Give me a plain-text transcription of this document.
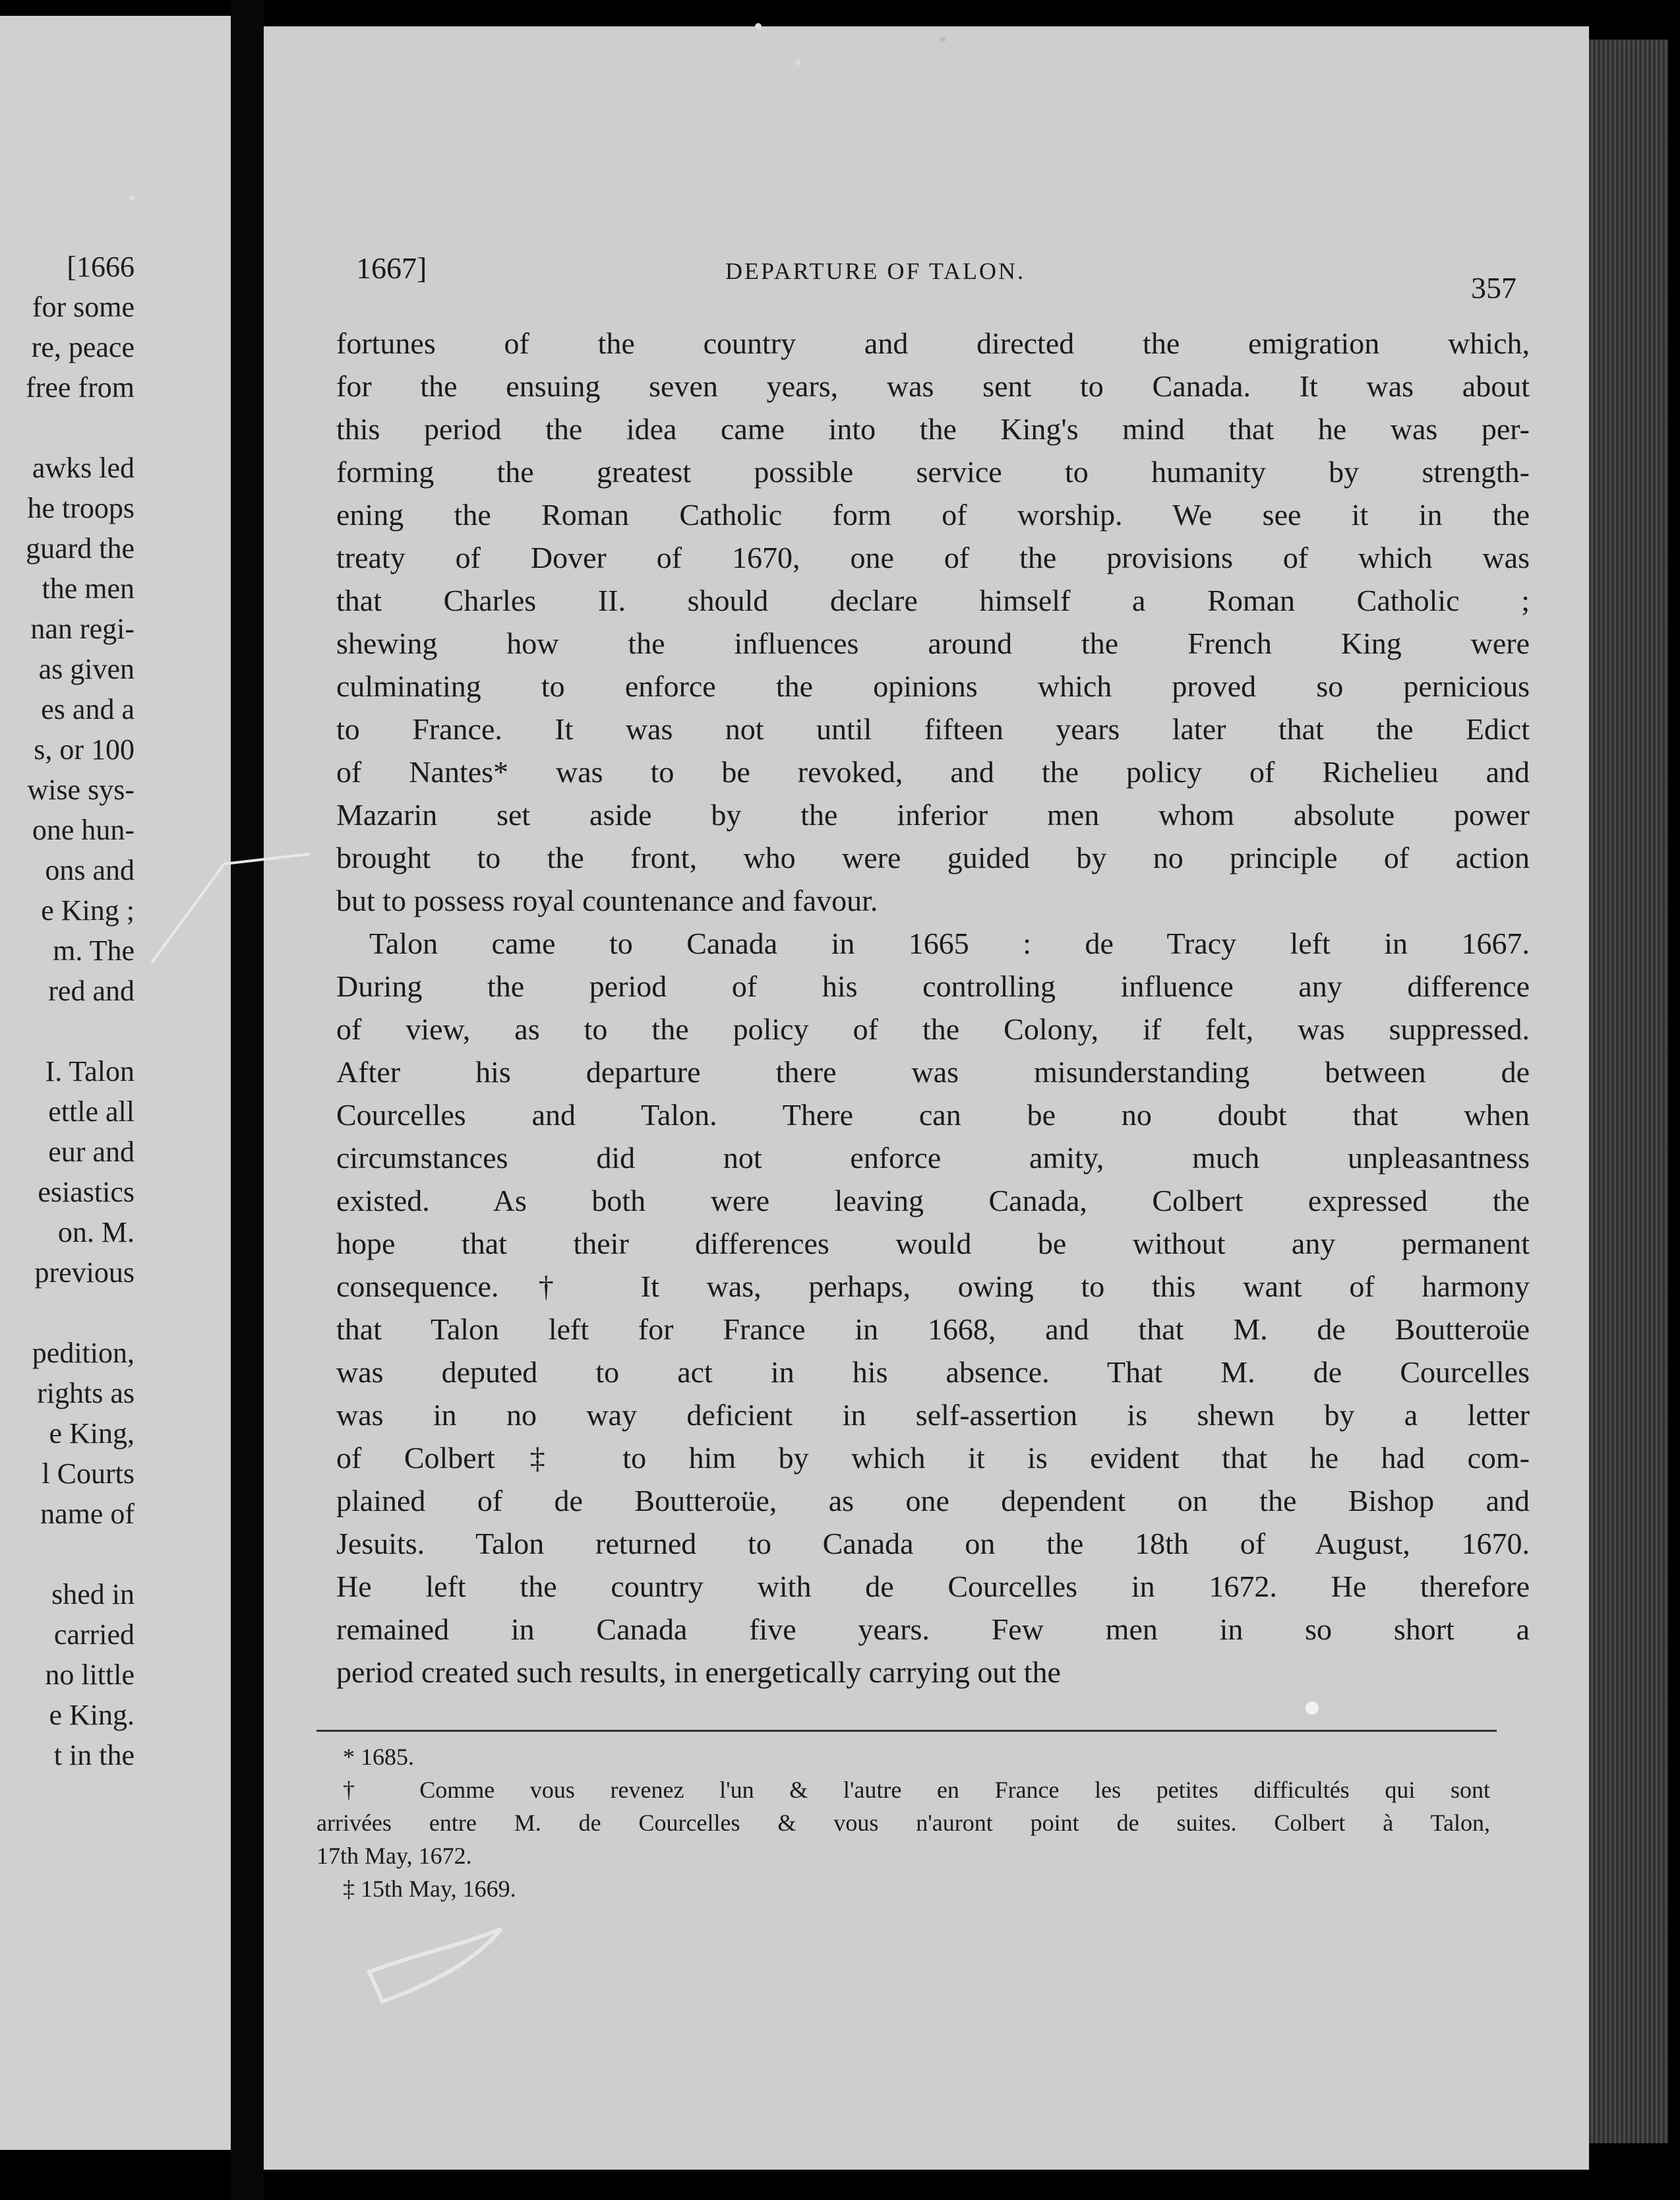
[1666
for some
re, peace
free from
awks led
he troops
guard the
the men
nan regi-
as given
es and a
s, or 100
wise sys-
one hun-
ons and
e King ;
m. The
red and
I. Talon
ettle all
eur and
esiastics
on. M.
previous
pedition,
rights as
e King,
l Courts
name of
shed in
carried
no little
e King.
t in the
1667]	DEPARTURE OF TALON.	357
fortunes of the country and directed the emigration which,
for the ensuing seven years, was sent to Canada. It was about
this period the idea came into the King's mind that he was per-
forming the greatest possible service to humanity by strength-
ening the Roman Catholic form of worship. We see it in the
treaty of Dover of 1670, one of the provisions of which was
that Charles II. should declare himself a Roman Catholic ;
shewing how the influences around the French King were
culminating to enforce the opinions which proved so pernicious
to France. It was not until fifteen years later that the Edict
of Nantes* was to be revoked, and the policy of Richelieu and
Mazarin set aside by the inferior men whom absolute power
brought to the front, who were guided by no principle of action
but to possess royal countenance and favour.
Talon came to Canada in 1665 : de Tracy left in 1667.
During the period of his controlling influence any difference
of view, as to the policy of the Colony, if felt, was suppressed.
After his departure there was misunderstanding between de
Courcelles and Talon. There can be no doubt that when
circumstances did not enforce amity, much unpleasantness
existed. As both were leaving Canada, Colbert expressed the
hope that their differences would be without any permanent
consequence.† It was, perhaps, owing to this want of harmony
that Talon left for France in 1668, and that M. de Boutteroüe
was deputed to act in his absence. That M. de Courcelles
was in no way deficient in self-assertion is shewn by a letter
of Colbert‡ to him by which it is evident that he had com-
plained of de Boutteroüe, as one dependent on the Bishop and
Jesuits. Talon returned to Canada on the 18th of August, 1670.
He left the country with de Courcelles in 1672. He therefore
remained in Canada five years. Few men in so short a
period created such results, in energetically carrying out the
* 1685.
† Comme vous revenez l'un & l'autre en France les petites difficultés qui sont
arrivées entre M. de Courcelles & vous n'auront point de suites. Colbert à Talon,
17th May, 1672.
‡ 15th May, 1669.
